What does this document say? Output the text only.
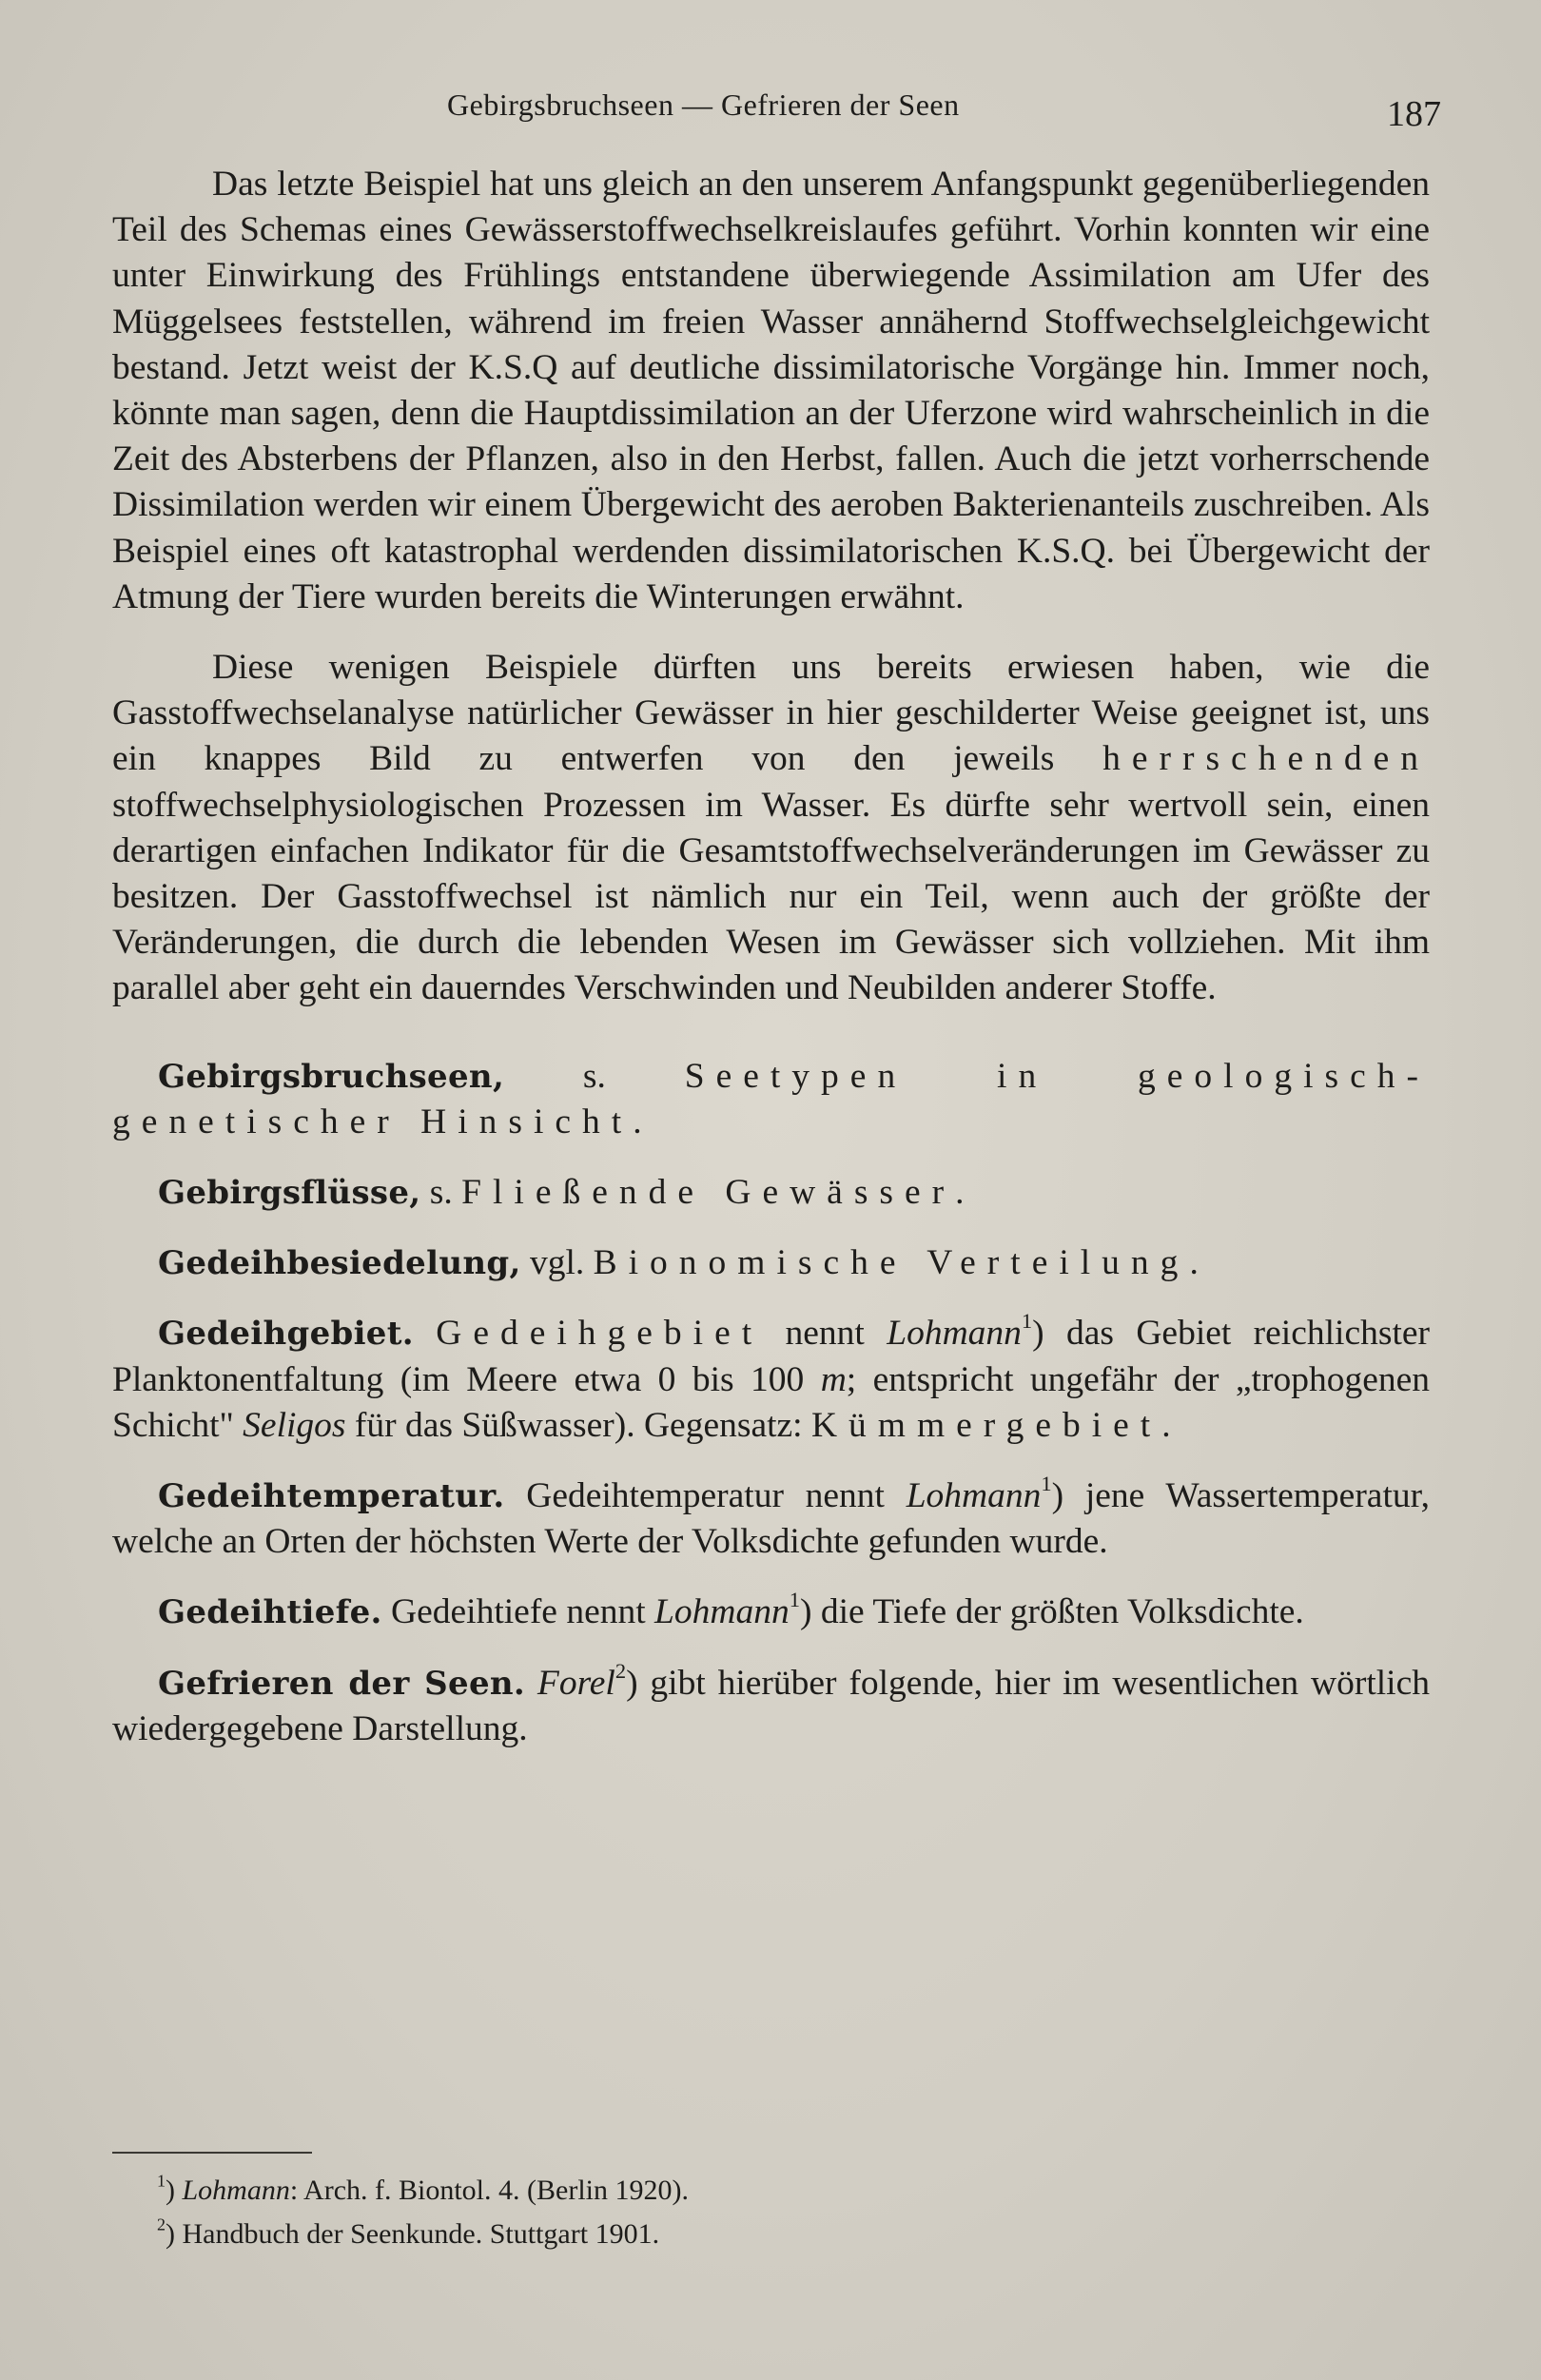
Gebirgsbruchseen — Gefrieren der Seen	187

Das letzte Beispiel hat uns gleich an den unserem Anfangspunkt gegenüberliegenden Teil des Schemas eines Gewässerstoffwechselkreislaufes geführt. Vorhin konnten wir eine unter Einwirkung des Frühlings entstandene überwiegende Assimilation am Ufer des Müggelsees feststellen, während im freien Wasser annähernd Stoffwechselgleichgewicht bestand. Jetzt weist der K.S.Q auf deutliche dissimilatorische Vorgänge hin. Immer noch, könnte man sagen, denn die Hauptdissimilation an der Uferzone wird wahrscheinlich in die Zeit des Absterbens der Pflanzen, also in den Herbst, fallen. Auch die jetzt vorherrschende Dissimilation werden wir einem Übergewicht des aeroben Bakterienanteils zuschreiben. Als Beispiel eines oft katastrophal werdenden dissimilatorischen K.S.Q. bei Übergewicht der Atmung der Tiere wurden bereits die Winterungen erwähnt.

Diese wenigen Beispiele dürften uns bereits erwiesen haben, wie die Gasstoffwechselanalyse natürlicher Gewässer in hier geschilderter Weise geeignet ist, uns ein knappes Bild zu entwerfen von den jeweils herrschenden stoffwechselphysiologischen Prozessen im Wasser. Es dürfte sehr wertvoll sein, einen derartigen einfachen Indikator für die Gesamtstoffwechselveränderungen im Gewässer zu besitzen. Der Gasstoffwechsel ist nämlich nur ein Teil, wenn auch der größte der Veränderungen, die durch die lebenden Wesen im Gewässer sich vollziehen. Mit ihm parallel aber geht ein dauerndes Verschwinden und Neubilden anderer Stoffe.

Gebirgsbruchseen, s. Seetypen in geologisch-genetischer Hinsicht.

Gebirgsflüsse, s. Fließende Gewässer.

Gedeihbesiedelung, vgl. Bionomische Verteilung.

Gedeihgebiet. Gedeihgebiet nennt Lohmann$^1$) das Gebiet reichlichster Planktonentfaltung (im Meere etwa 0 bis 100 m; entspricht ungefähr der „trophogenen Schicht" Seligos für das Süßwasser). Gegensatz: Kümmergebiet.

Gedeihtemperatur. Gedeihtemperatur nennt Lohmann$^1$) jene Wassertemperatur, welche an Orten der höchsten Werte der Volksdichte gefunden wurde.

Gedeihtiefe. Gedeihtiefe nennt Lohmann$^1$) die Tiefe der größten Volksdichte.

Gefrieren der Seen. Forel$^2$) gibt hierüber folgende, hier im wesentlichen wörtlich wiedergegebene Darstellung.

$^1$) Lohmann: Arch. f. Biontol. 4. (Berlin 1920).

$^2$) Handbuch der Seenkunde. Stuttgart 1901.
